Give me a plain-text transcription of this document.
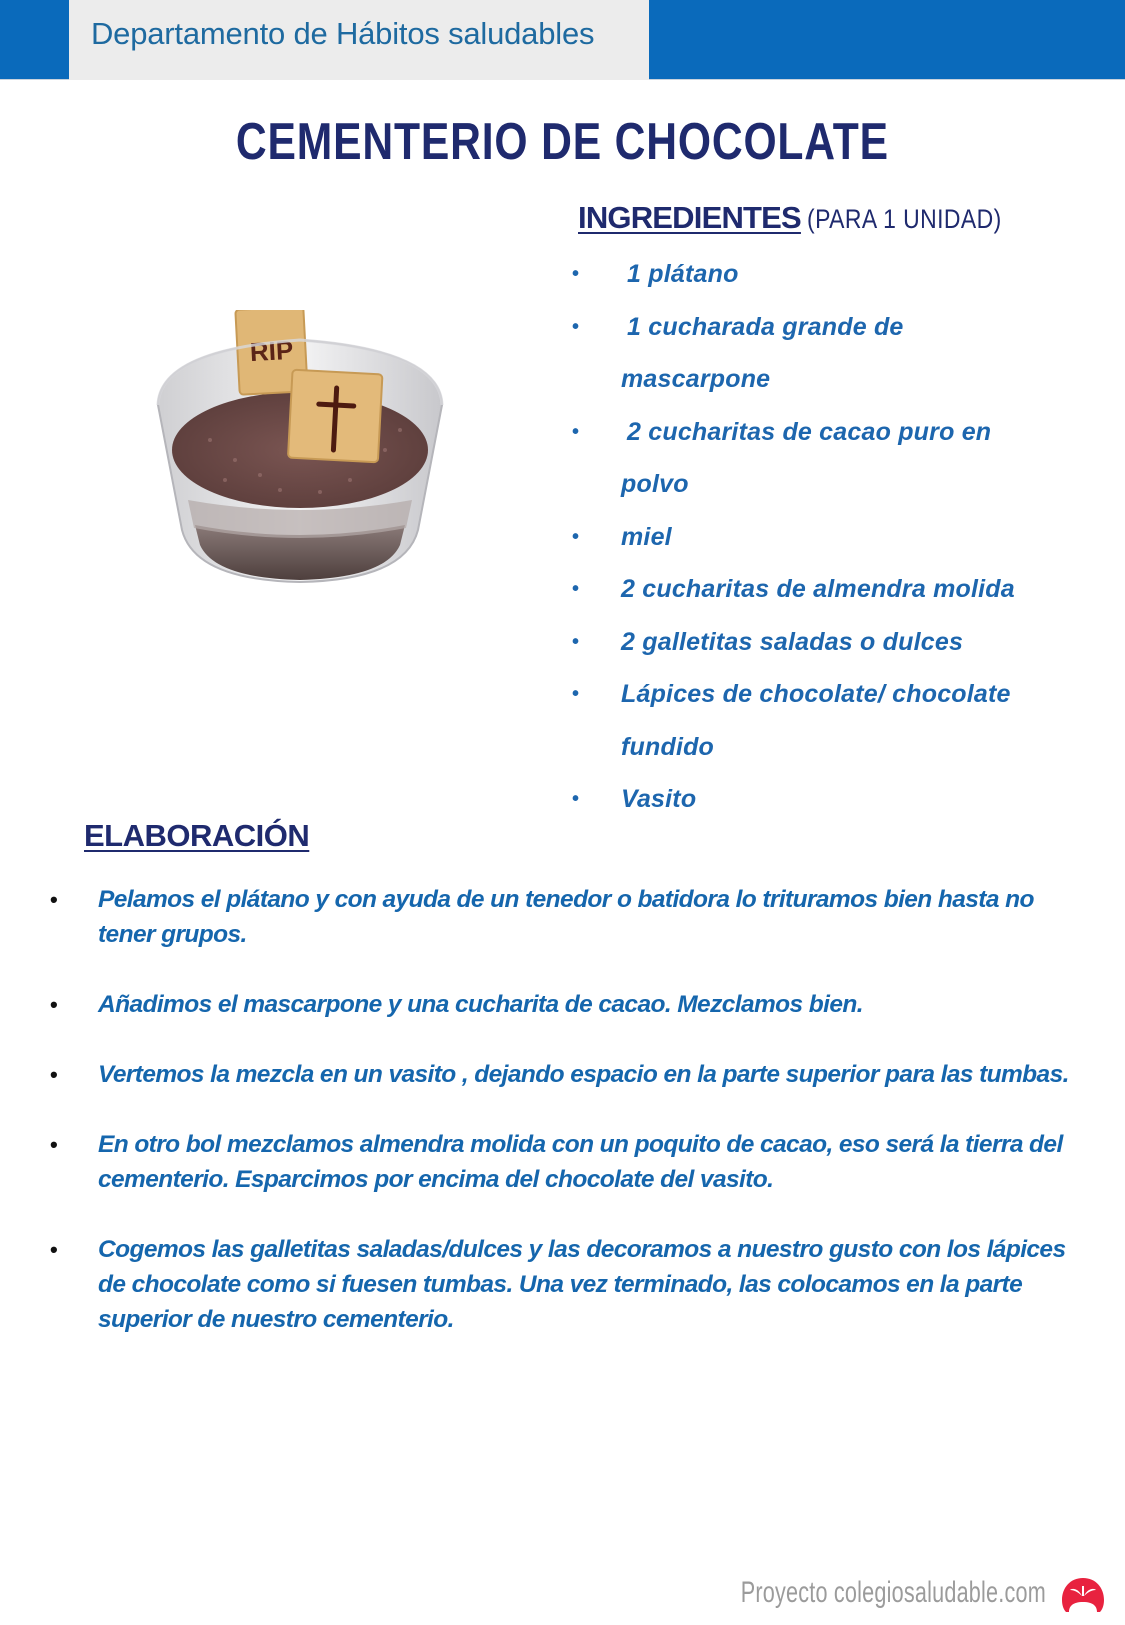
Departamento de Hábitos saludables
CEMENTERIO DE CHOCOLATE
RIP
INGREDIENTES (PARA 1 UNIDAD)
• 1 plátano
• 1 cucharada grande de
mascarpone
• 2 cucharitas de cacao puro en
polvo
• miel
• 2 cucharitas de almendra molida
• 2 galletitas saladas o dulces
• Lápices de chocolate/ chocolate
fundido
• Vasito
ELABORACIÓN
• Pelamos el plátano y con ayuda de un tenedor o batidora lo trituramos bien hasta no tener grupos.
• Añadimos el mascarpone y una cucharita de cacao. Mezclamos bien.
• Vertemos la mezcla en un vasito , dejando espacio en la parte superior para las tumbas.
• En otro bol mezclamos almendra molida con un poquito de cacao, eso será la tierra del cementerio. Esparcimos por encima del chocolate del vasito.
• Cogemos las galletitas saladas/dulces y las decoramos a nuestro gusto con los lápices de chocolate como si fuesen tumbas. Una vez terminado, las colocamos en la parte superior de nuestro cementerio.
Proyecto colegiosaludable.com
